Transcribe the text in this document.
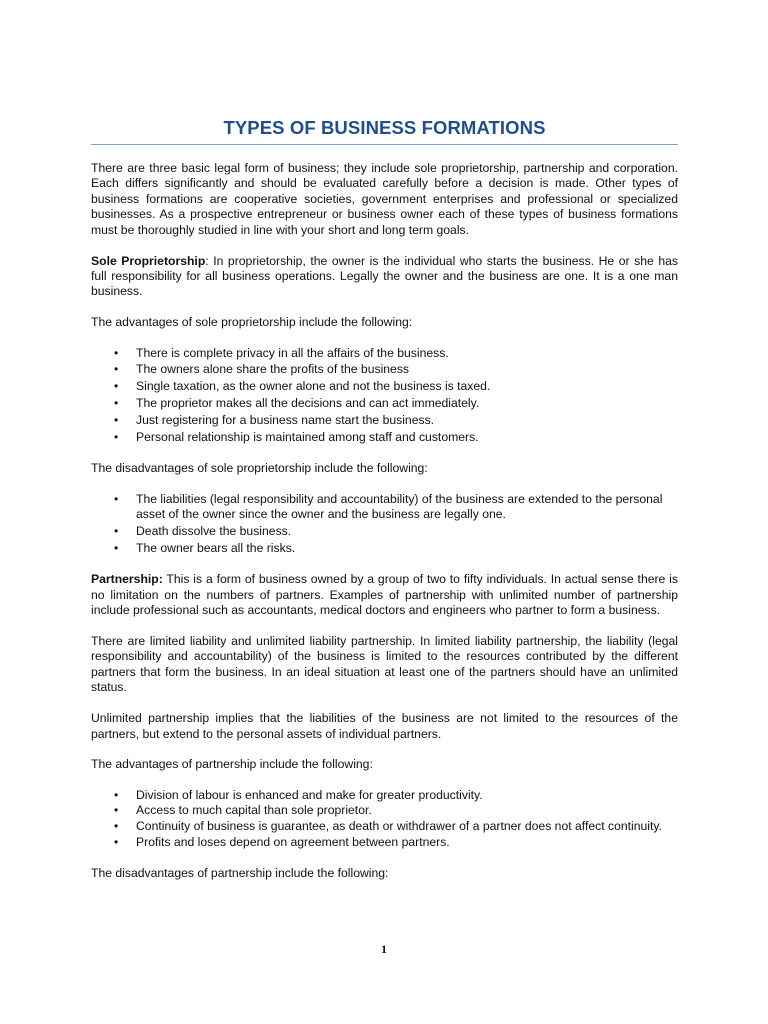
TYPES OF BUSINESS FORMATIONS

There are three basic legal form of business; they include sole proprietorship, partnership and corporation. Each differs significantly and should be evaluated carefully before a decision is made. Other types of business formations are cooperative societies, government enterprises and professional or specialized businesses. As a prospective entrepreneur or business owner each of these types of business formations must be thoroughly studied in line with your short and long term goals.

Sole Proprietorship: In proprietorship, the owner is the individual who starts the business. He or she has full responsibility for all business operations. Legally the owner and the business are one. It is a one man business.

The advantages of sole proprietorship include the following:

• There is complete privacy in all the affairs of the business.
• The owners alone share the profits of the business
• Single taxation, as the owner alone and not the business is taxed.
• The proprietor makes all the decisions and can act immediately.
• Just registering for a business name start the business.
• Personal relationship is maintained among staff and customers.

The disadvantages of sole proprietorship include the following:

• The liabilities (legal responsibility and accountability) of the business are extended to the personal asset of the owner since the owner and the business are legally one.
• Death dissolve the business.
• The owner bears all the risks.

Partnership: This is a form of business owned by a group of two to fifty individuals. In actual sense there is no limitation on the numbers of partners. Examples of partnership with unlimited number of partnership include professional such as accountants, medical doctors and engineers who partner to form a business.

There are limited liability and unlimited liability partnership. In limited liability partnership, the liability (legal responsibility and accountability) of the business is limited to the resources contributed by the different partners that form the business. In an ideal situation at least one of the partners should have an unlimited status.

Unlimited partnership implies that the liabilities of the business are not limited to the resources of the partners, but extend to the personal assets of individual partners.

The advantages of partnership include the following:

• Division of labour is enhanced and make for greater productivity.
• Access to much capital than sole proprietor.
• Continuity of business is guarantee, as death or withdrawer of a partner does not affect continuity.
• Profits and loses depend on agreement between partners.

The disadvantages of partnership include the following:

1
